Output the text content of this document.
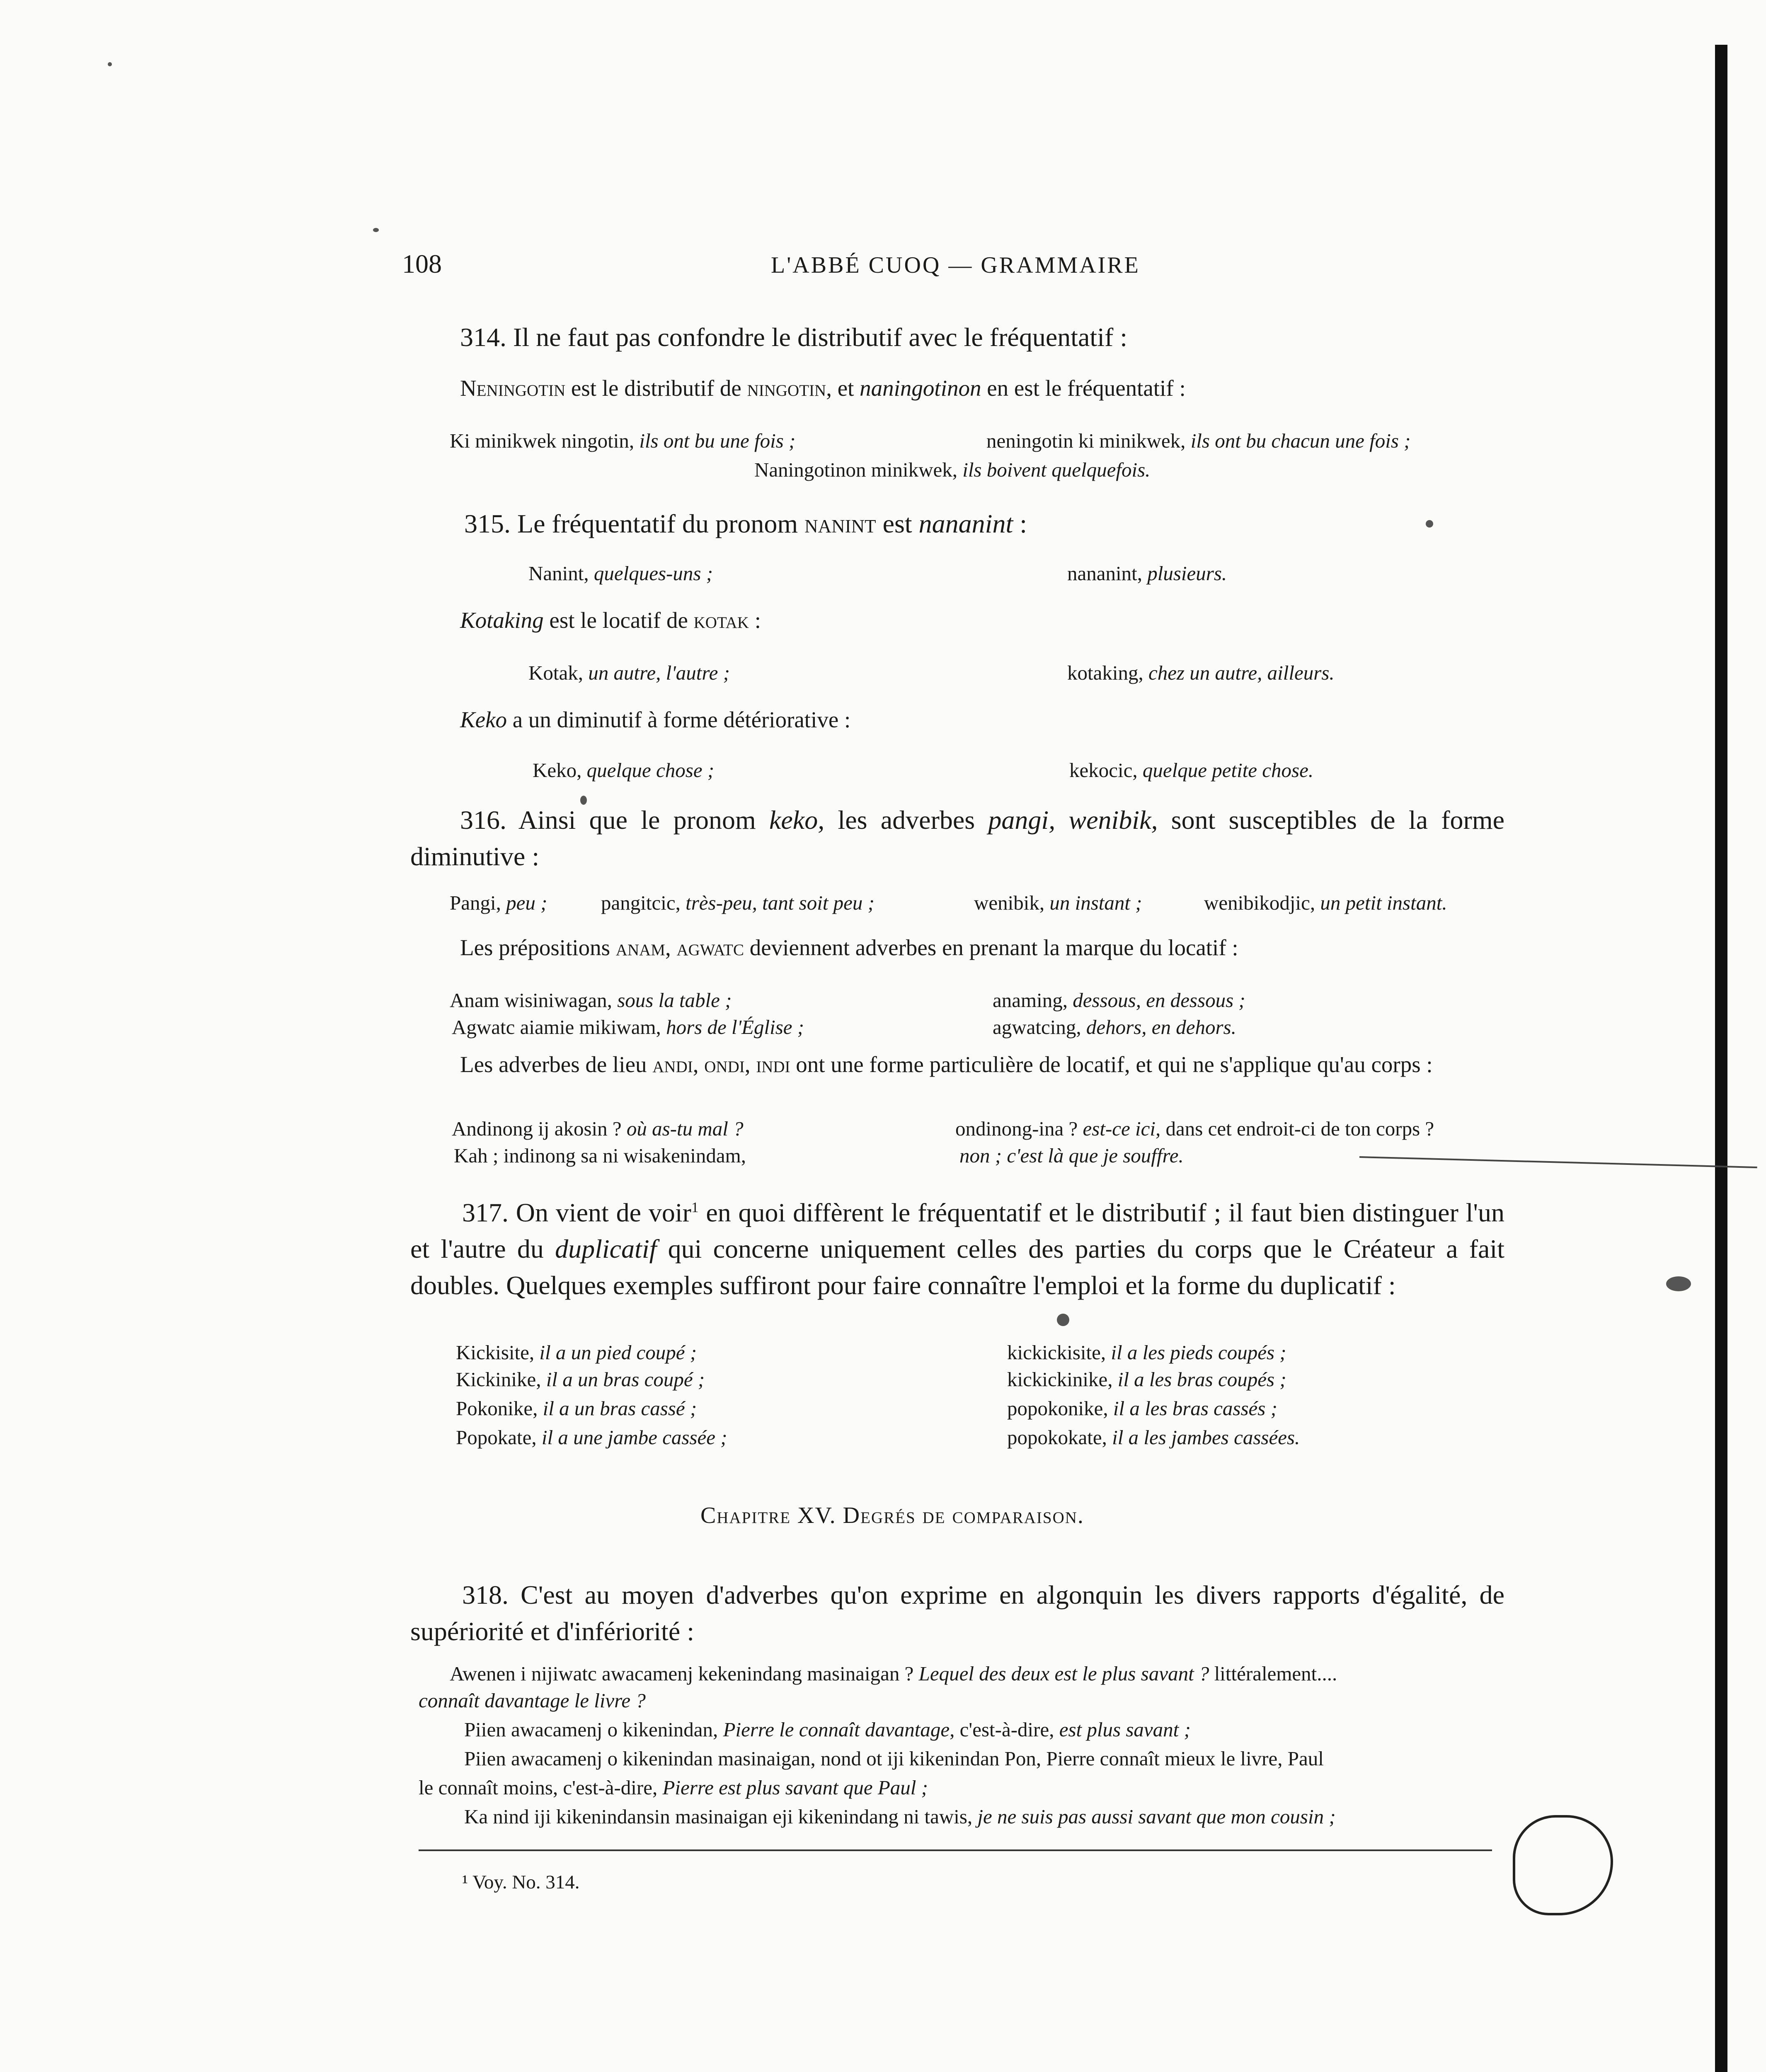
108	L'ABBÉ CUOQ — GRAMMAIRE
314. Il ne faut pas confondre le distributif avec le fréquentatif :
Neningotin est le distributif de ningotin, et naningotinon en est le fréquentatif :
Ki minikwek ningotin, ils ont bu une fois ;	neningotin ki minikwek, ils ont bu chacun une fois ;
Naningotinon minikwek, ils boivent quelquefois.
315. Le fréquentatif du pronom nanint est nananint :
Nanint, quelques-uns ;	nananint, plusieurs.
Kotaking est le locatif de kotak :
Kotak, un autre, l'autre ;	kotaking, chez un autre, ailleurs.
Keko a un diminutif à forme détériorative :
Keko, quelque chose ;	kekocic, quelque petite chose.
316. Ainsi que le pronom keko, les adverbes pangi, wenibik, sont susceptibles de la forme diminutive :
Pangi, peu ;	pangitcic, très-peu, tant soit peu ;	wenibik, un instant ;	wenibikodjic, un petit instant.
Les prépositions anam, agwatc deviennent adverbes en prenant la marque du locatif :
Anam wisiniwagan, sous la table ;	anaming, dessous, en dessous ;
Agwatc aiamie mikiwam, hors de l'Église ;	agwatcing, dehors, en dehors.
Les adverbes de lieu andi, ondi, indi ont une forme particulière de locatif, et qui ne s'applique qu'au corps :
Andinong ij akosin ? où as-tu mal ?	ondinong-ina ? est-ce ici, dans cet endroit-ci de ton corps ?
Kah ; indinong sa ni wisakenindam,	non ; c'est là que je souffre.
317. On vient de voir$^1$ en quoi diffèrent le fréquentatif et le distributif ; il faut bien distinguer l'un et l'autre du duplicatif qui concerne uniquement celles des parties du corps que le Créateur a fait doubles. Quelques exemples suffiront pour faire connaître l'emploi et la forme du duplicatif :
Kickisite, il a un pied coupé ;	kickickisite, il a les pieds coupés ;
Kickinike, il a un bras coupé ;	kickickinike, il a les bras coupés ;
Pokonike, il a un bras cassé ;	popokonike, il a les bras cassés ;
Popokate, il a une jambe cassée ;	popokokate, il a les jambes cassées.
Chapitre XV. Degrés de comparaison.
318. C'est au moyen d'adverbes qu'on exprime en algonquin les divers rapports d'égalité, de supériorité et d'infériorité :
Awenen i nijiwatc awacamenj kekenindang masinaigan ? Lequel des deux est le plus savant ? littéralement....
connaît davantage le livre ?
Piien awacamenj o kikenindan, Pierre le connaît davantage, c'est-à-dire, est plus savant ;
Piien awacamenj o kikenindan masinaigan, nond ot iji kikenindan Pon, Pierre connaît mieux le livre, Paul
le connaît moins, c'est-à-dire, Pierre est plus savant que Paul ;
Ka nind iji kikenindansin masinaigan eji kikenindang ni tawis, je ne suis pas aussi savant que mon cousin ;
¹ Voy. No. 314.
